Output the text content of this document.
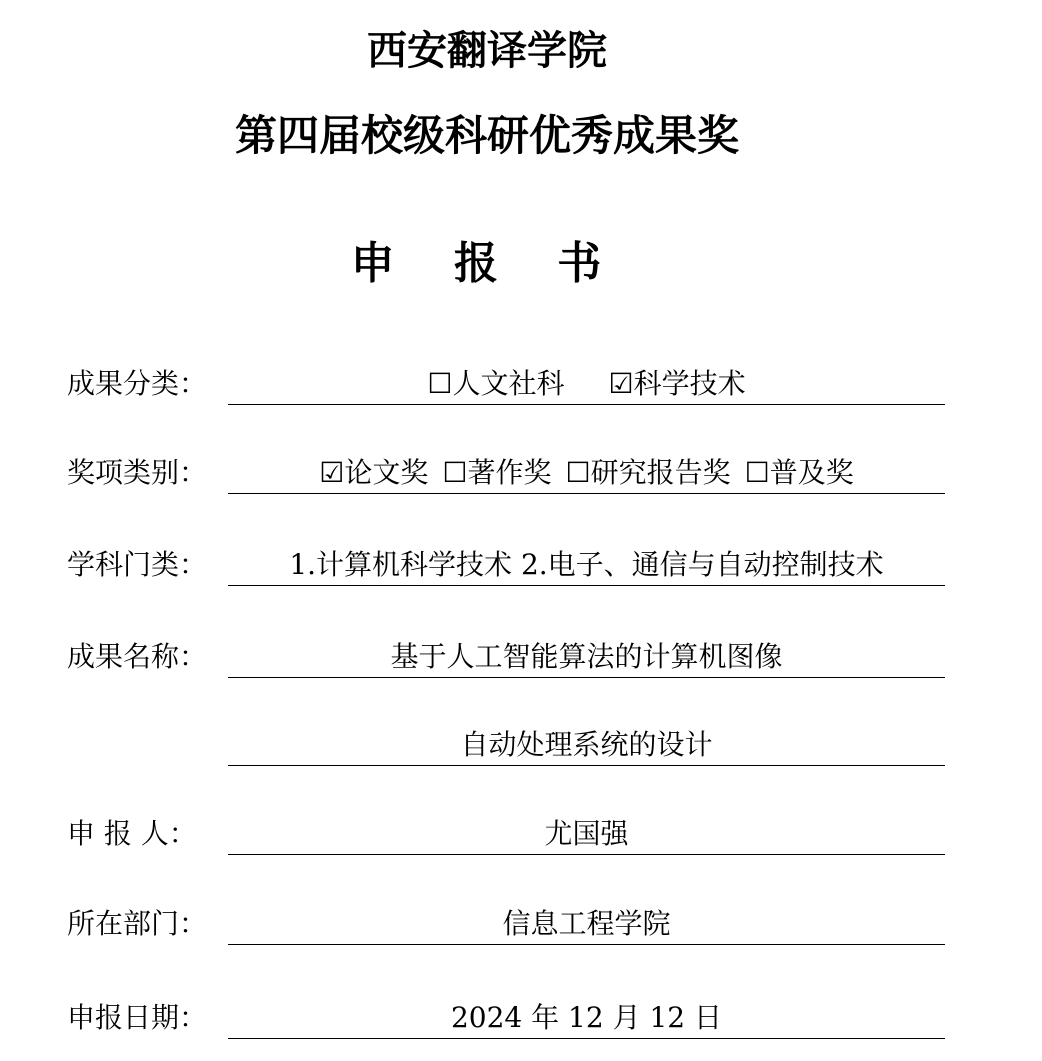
西安翻译学院
第四届校级科研优秀成果奖
申 报 书
成果分类：	☐人文社科 ☑科学技术
奖项类别：	☑论文奖 ☐著作奖 ☐研究报告奖 ☐普及奖
学科门类：	1.计算机科学技术 2.电子、通信与自动控制技术
成果名称：	基于人工智能算法的计算机图像
自动处理系统的设计
申 报 人：	尤国强
所在部门：	信息工程学院
申报日期：	2024 年 12 月 12 日
